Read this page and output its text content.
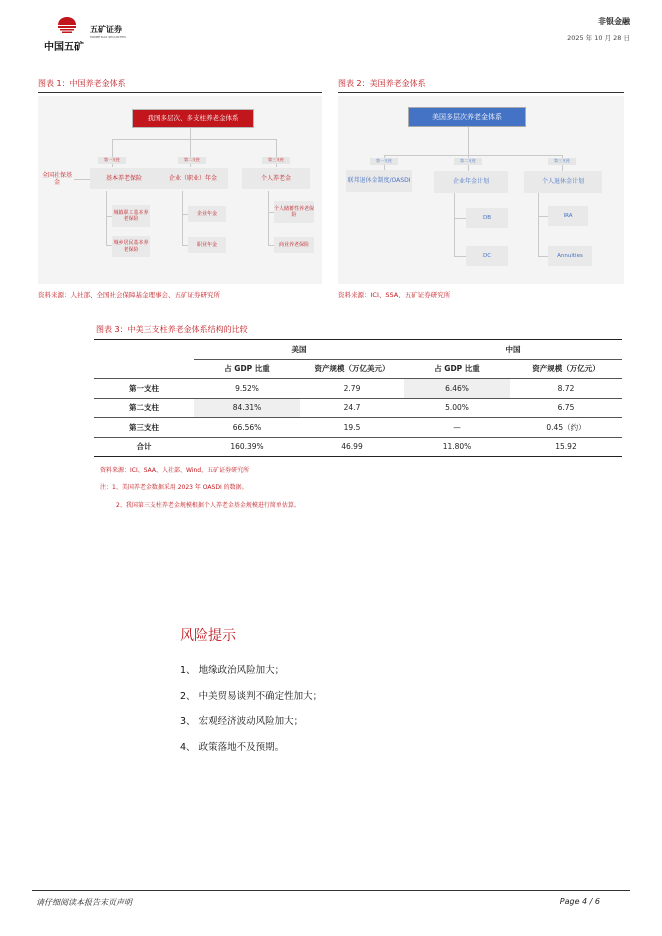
中国五矿
五矿证券
MINMETALS SECURITIES
非银金融
2025 年 10 月 28 日
图表 1：中国养老金体系
我国多层次、多支柱养老金体系
第一支柱	第二支柱	第三支柱
全国社保基金
基本养老保险	企业（职业）年金	个人养老金
城镇职工基本养老保险
城乡居民基本养老保险
企业年金
职业年金
个人储蓄性养老保险
商业养老保险
资料来源：人社部、全国社会保障基金理事会、五矿证券研究所
图表 2：美国养老金体系
美国多层次养老金体系
第一支柱	第二支柱	第三支柱
联邦退休金制度/OASDI	企业年金计划	个人退休金计划
DB
DC
IRA
Annuities
资料来源：ICI、SSA、五矿证券研究所
图表 3：中美三支柱养老金体系结构的比较
	美国		中国	
	占 GDP 比重	资产规模（万亿美元）	占 GDP 比重	资产规模（万亿元）
第一支柱	9.52%	2.79	6.46%	8.72
第二支柱	84.31%	24.7	5.00%	6.75
第三支柱	66.56%	19.5	—	0.45（约）
合计	160.39%	46.99	11.80%	15.92
资料来源：ICI、SAA、人社部、Wind、五矿证券研究所
注：1、美国养老金数据采用 2023 年 OASDI 的数据。
2、我国第三支柱养老金规模根据个人养老金基金规模进行简单估算。
风险提示
1、 地缘政治风险加大；
2、 中美贸易谈判不确定性加大；
3、 宏观经济波动风险加大；
4、 政策落地不及预期。
请仔细阅读本报告末页声明	Page 4 / 6
